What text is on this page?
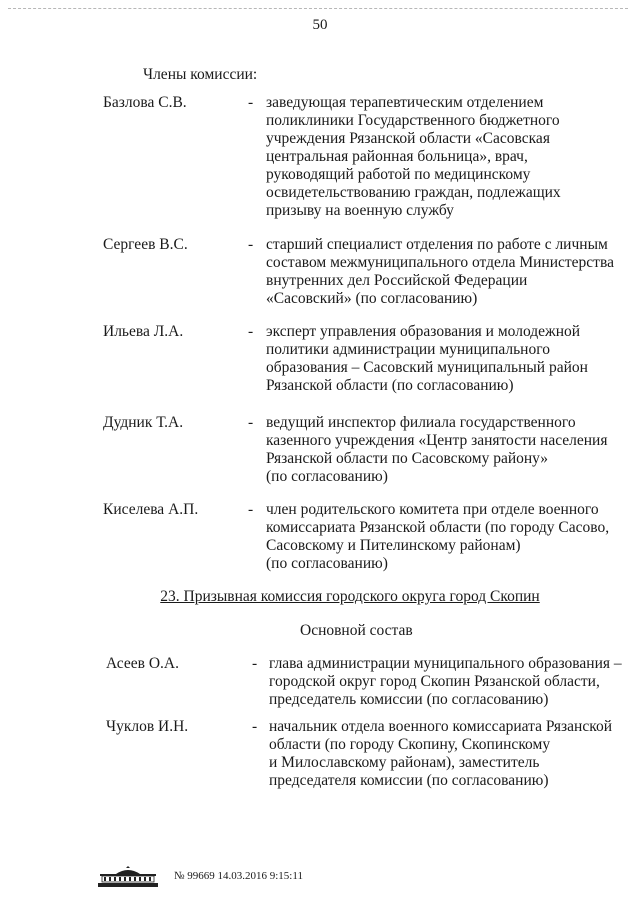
50
Члены комиссии:
Базлова С.В.	- заведующая терапевтическим отделением
поликлиники Государственного бюджетного
учреждения Рязанской области «Сасовская
центральная районная больница», врач,
руководящий работой по медицинскому
освидетельствованию граждан, подлежащих
призыву на военную службу
Сергеев В.С.	- старший специалист отделения по работе с личным
составом межмуниципального отдела Министерства
внутренних дел Российской Федерации
«Сасовский» (по согласованию)
Ильева Л.А.	- эксперт управления образования и молодежной
политики администрации муниципального
образования – Сасовский муниципальный район
Рязанской области (по согласованию)
Дудник Т.А.	- ведущий инспектор филиала государственного
казенного учреждения «Центр занятости населения
Рязанской области по Сасовскому району»
(по согласованию)
Киселева А.П.	- член родительского комитета при отделе военного
комиссариата Рязанской области (по городу Сасово,
Сасовскому и Пителинскому районам)
(по согласованию)
23. Призывная комиссия городского округа город Скопин
Основной состав
Асеев О.А.	- глава администрации муниципального образования –
городской округ город Скопин Рязанской области,
председатель комиссии (по согласованию)
Чуклов И.Н.	- начальник отдела военного комиссариата Рязанской
области (по городу Скопину, Скопинскому
и Милославскому районам), заместитель
председателя комиссии (по согласованию)
№ 99669 14.03.2016 9:15:11
